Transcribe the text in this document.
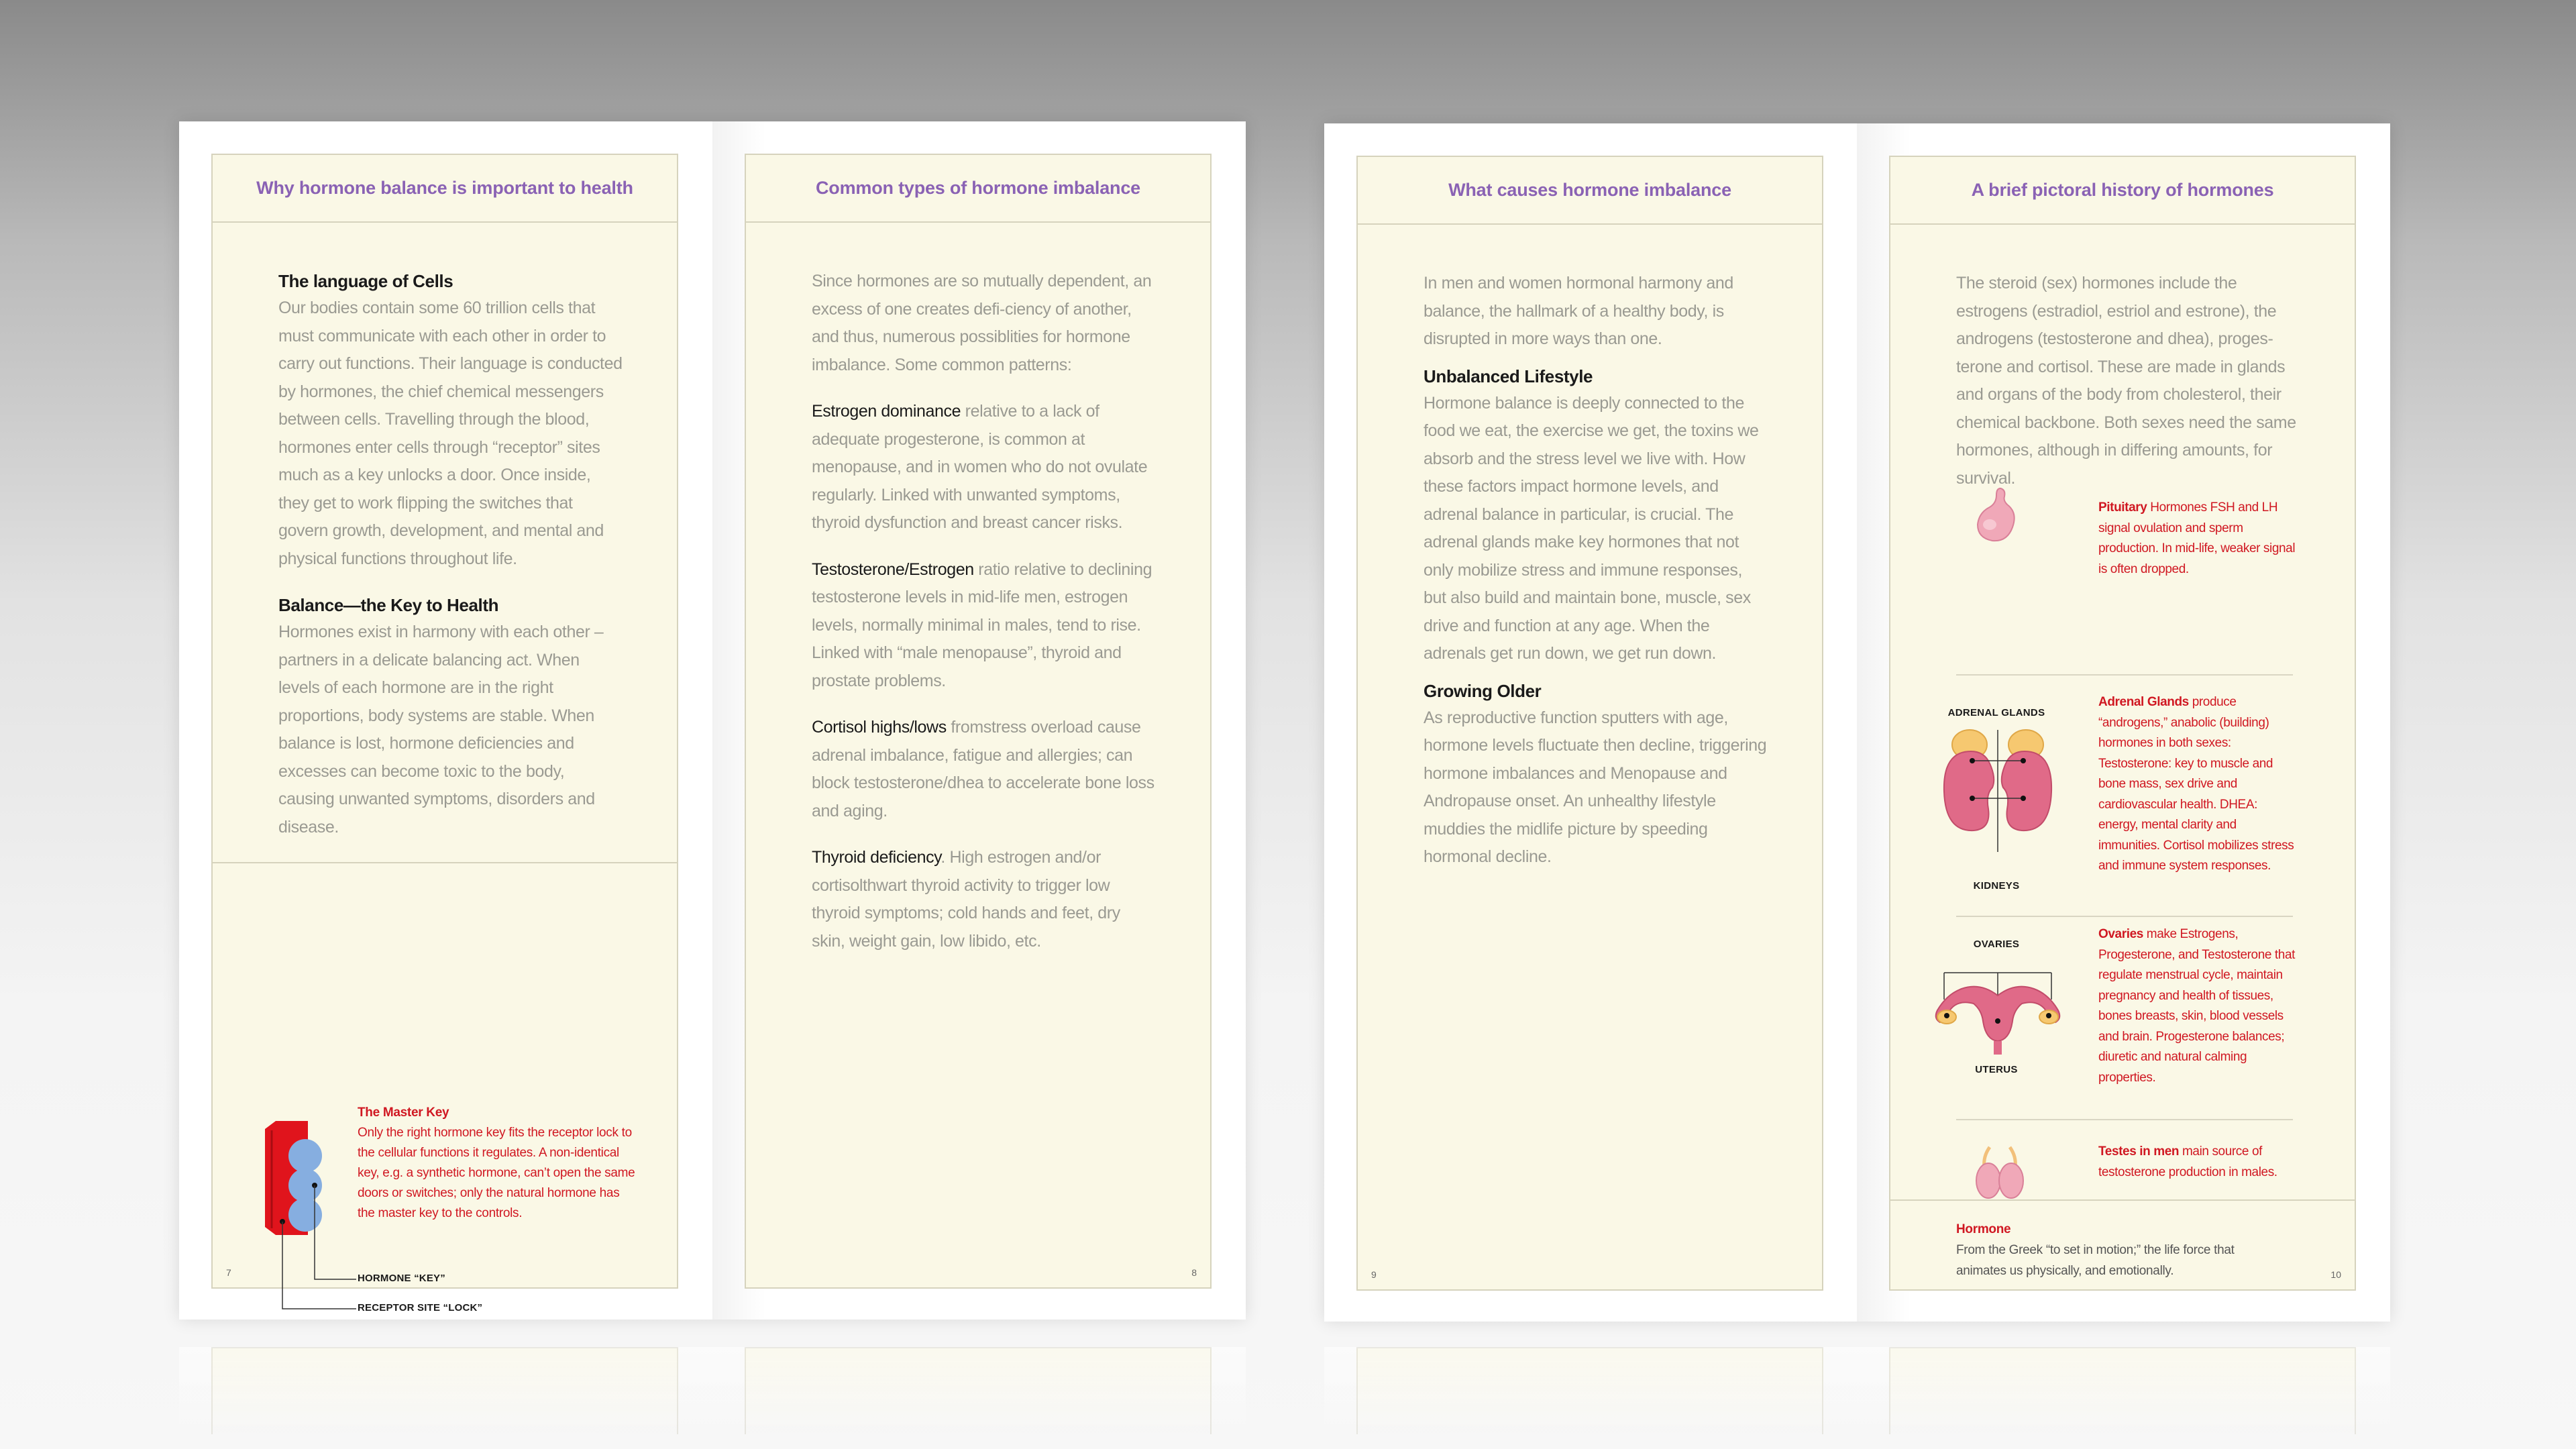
Why hormone balance is important to health
The language of Cells

Our bodies contain some 60 trillion cells that must communicate with each other in order to carry out functions. Their language is conducted by hormones, the chief chemical messengers between cells. Travelling through the blood, hormones enter cells through “receptor” sites much as a key unlocks a door. Once inside, they get to work flipping the switches that govern growth, development, and mental and physical functions throughout life.

Balance—the Key to Health

Hormones exist in harmony with each other – partners in a delicate balancing act. When levels of each hormone are in the right proportions, body systems are stable. When balance is lost, hormone deficiencies and excesses can become toxic to the body, causing unwanted symptoms, disorders and disease.

The Master Key
Only the right hormone key fits the receptor lock to the cellular functions it regulates. A non-identical key, e.g. a synthetic hormone, can’t open the same doors or switches; only the natural hormone has the master key to the controls.
HORMONE “KEY”
RECEPTOR SITE “LOCK”
7
Common types of hormone imbalance

Since hormones are so mutually dependent, an excess of one creates defi-ciency of another, and thus, numerous possiblities for hormone imbalance. Some common patterns:

Estrogen dominance relative to a lack of adequate progesterone, is common at menopause, and in women who do not ovulate regularly. Linked with unwanted symptoms, thyroid dysfunction and breast cancer risks.

Testosterone/Estrogen ratio relative to declining testosterone levels in mid-life men, estrogen levels, normally minimal in males, tend to rise. Linked with “male menopause”, thyroid and prostate problems.

Cortisol highs/lows fromstress overload cause adrenal imbalance, fatigue and allergies; can block testosterone/dhea to accelerate bone loss and aging.

Thyroid deficiency. High estrogen and/or cortisolthwart thyroid activity to trigger low thyroid symptoms; cold hands and feet, dry skin, weight gain, low libido, etc.

8
What causes hormone imbalance

In men and women hormonal harmony and balance, the hallmark of a healthy body, is disrupted in more ways than one.

Unbalanced Lifestyle

Hormone balance is deeply connected to the food we eat, the exercise we get, the toxins we absorb and the stress level we live with. How these factors impact hormone levels, and adrenal balance in particular, is crucial. The adrenal glands make key hormones that not only mobilize stress and immune responses, but also build and maintain bone, muscle, sex drive and function at any age. When the adrenals get run down, we get run down.

Growing Older

As reproductive function sputters with age, hormone levels fluctuate then decline, triggering hormone imbalances and Menopause and Andropause onset. An unhealthy lifestyle muddies the midlife picture by speeding hormonal decline.

9
A brief pictoral history of hormones

The steroid (sex) hormones include the estrogens (estradiol, estriol and estrone), the androgens (testosterone and dhea), proges-terone and cortisol. These are made in glands and organs of the body from cholesterol, their chemical backbone. Both sexes need the same hormones, although in differing amounts, for survival.

Pituitary Hormones FSH and LH signal ovulation and sperm production. In mid-life, weaker signal is often dropped.
ADRENAL GLANDS
KIDNEYS
Adrenal Glands produce “androgens,” anabolic (building) hormones in both sexes: Testosterone: key to muscle and bone mass, sex drive and cardiovascular health. DHEA: energy, mental clarity and immunities. Cortisol mobilizes stress and immune system responses.
OVARIES
UTERUS
Ovaries make Estrogens, Progesterone, and Testosterone that regulate menstrual cycle, maintain pregnancy and health of tissues, bones breasts, skin, blood vessels and brain. Progesterone balances; diuretic and natural calming properties.
Testes in men main source of testosterone production in males.
Hormone
From the Greek “to set in motion;” the life force that animates us physically, and emotionally.	10
